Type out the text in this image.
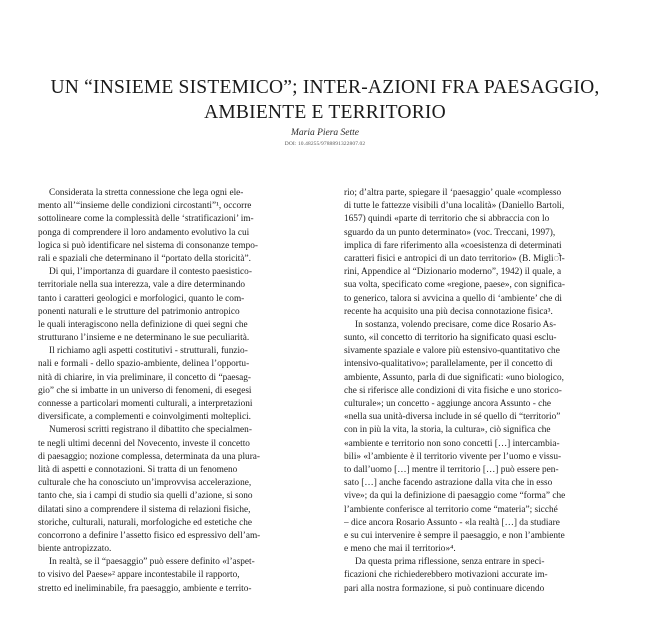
UN “INSIEME SISTEMICO”; INTER-AZIONI FRA PAESAGGIO,
AMBIENTE E TERRITORIO
Maria Piera Sette
DOI: 10.48255/9788891322807.02
Considerata la stretta connessione che lega ogni ele-
mento all’“insieme delle condizioni circostanti”¹, occorre
sottolineare come la complessità delle ‘stratificazioni’ im-
ponga di comprendere il loro andamento evolutivo la cui
logica si può identificare nel sistema di consonanze tempo-
rali e spaziali che determinano il “portato della storicità”.
Di qui, l’importanza di guardare il contesto paesistico-
territoriale nella sua interezza, vale a dire determinando
tanto i caratteri geologici e morfologici, quanto le com-
ponenti naturali e le strutture del patrimonio antropico
le quali interagiscono nella definizione di quei segni che
strutturano l’insieme e ne determinano le sue peculiarità.
Il richiamo agli aspetti costitutivi - strutturali, funzio-
nali e formali - dello spazio-ambiente, delinea l’opportu-
nità di chiarire, in via preliminare, il concetto di “paesag-
gio” che si imbatte in un universo di fenomeni, di esegesi
connesse a particolari momenti culturali, a interpretazioni
diversificate, a complementi e coinvolgimenti molteplici.
Numerosi scritti registrano il dibattito che specialmen-
te negli ultimi decenni del Novecento, investe il concetto
di paesaggio; nozione complessa, determinata da una plura-
lità di aspetti e connotazioni. Si tratta di un fenomeno
culturale che ha conosciuto un’improvvisa accelerazione,
tanto che, sia i campi di studio sia quelli d’azione, si sono
dilatati sino a comprendere il sistema di relazioni fisiche,
storiche, culturali, naturali, morfologiche ed estetiche che
concorrono a definire l’assetto fisico ed espressivo dell’am-
biente antropizzato.
In realtà, se il “paesaggio” può essere definito «l’aspet-
to visivo del Paese»² appare incontestabile il rapporto,
stretto ed ineliminabile, fra paesaggio, ambiente e territo-
rio; d’altra parte, spiegare il ‘paesaggio’ quale «complesso
di tutte le fattezze visibili d’una località» (Daniello Bartoli,
1657) quindi «parte di territorio che si abbraccia con lo
sguardo da un punto determinato» (voc. Treccani, 1997),
implica di fare riferimento alla «coesistenza di determinati
caratteri fisici e antropici di un dato territorio» (B. Migliो-
rini, Appendice al “Dizionario moderno”, 1942) il quale, a
sua volta, specificato come «regione, paese», con significa-
to generico, talora si avvicina a quello di ‘ambiente’ che di
recente ha acquisito una più decisa connotazione fisica³.
In sostanza, volendo precisare, come dice Rosario As-
sunto, «il concetto di territorio ha significato quasi esclu-
sivamente spaziale e valore più estensivo-quantitativo che
intensivo-qualitativo»; parallelamente, per il concetto di
ambiente, Assunto, parla di due significati: «uno biologico,
che si riferisce alle condizioni di vita fisiche e uno storico-
culturale»; un concetto - aggiunge ancora Assunto - che
«nella sua unità-diversa include in sé quello di “territorio”
con in più la vita, la storia, la cultura», ciò significa che
«ambiente e territorio non sono concetti […] intercambia-
bili» «l’ambiente è il territorio vivente per l’uomo e vissu-
to dall’uomo […] mentre il territorio […] può essere pen-
sato […] anche facendo astrazione dalla vita che in esso
vive»; da qui la definizione di paesaggio come “forma” che
l’ambiente conferisce al territorio come “materia”; sicché
– dice ancora Rosario Assunto - «la realtà […] da studiare
e su cui intervenire è sempre il paesaggio, e non l’ambiente
e meno che mai il territorio»⁴.
Da questa prima riflessione, senza entrare in speci-
ficazioni che richiederebbero motivazioni accurate im-
pari alla nostra formazione, si può continuare dicendo
